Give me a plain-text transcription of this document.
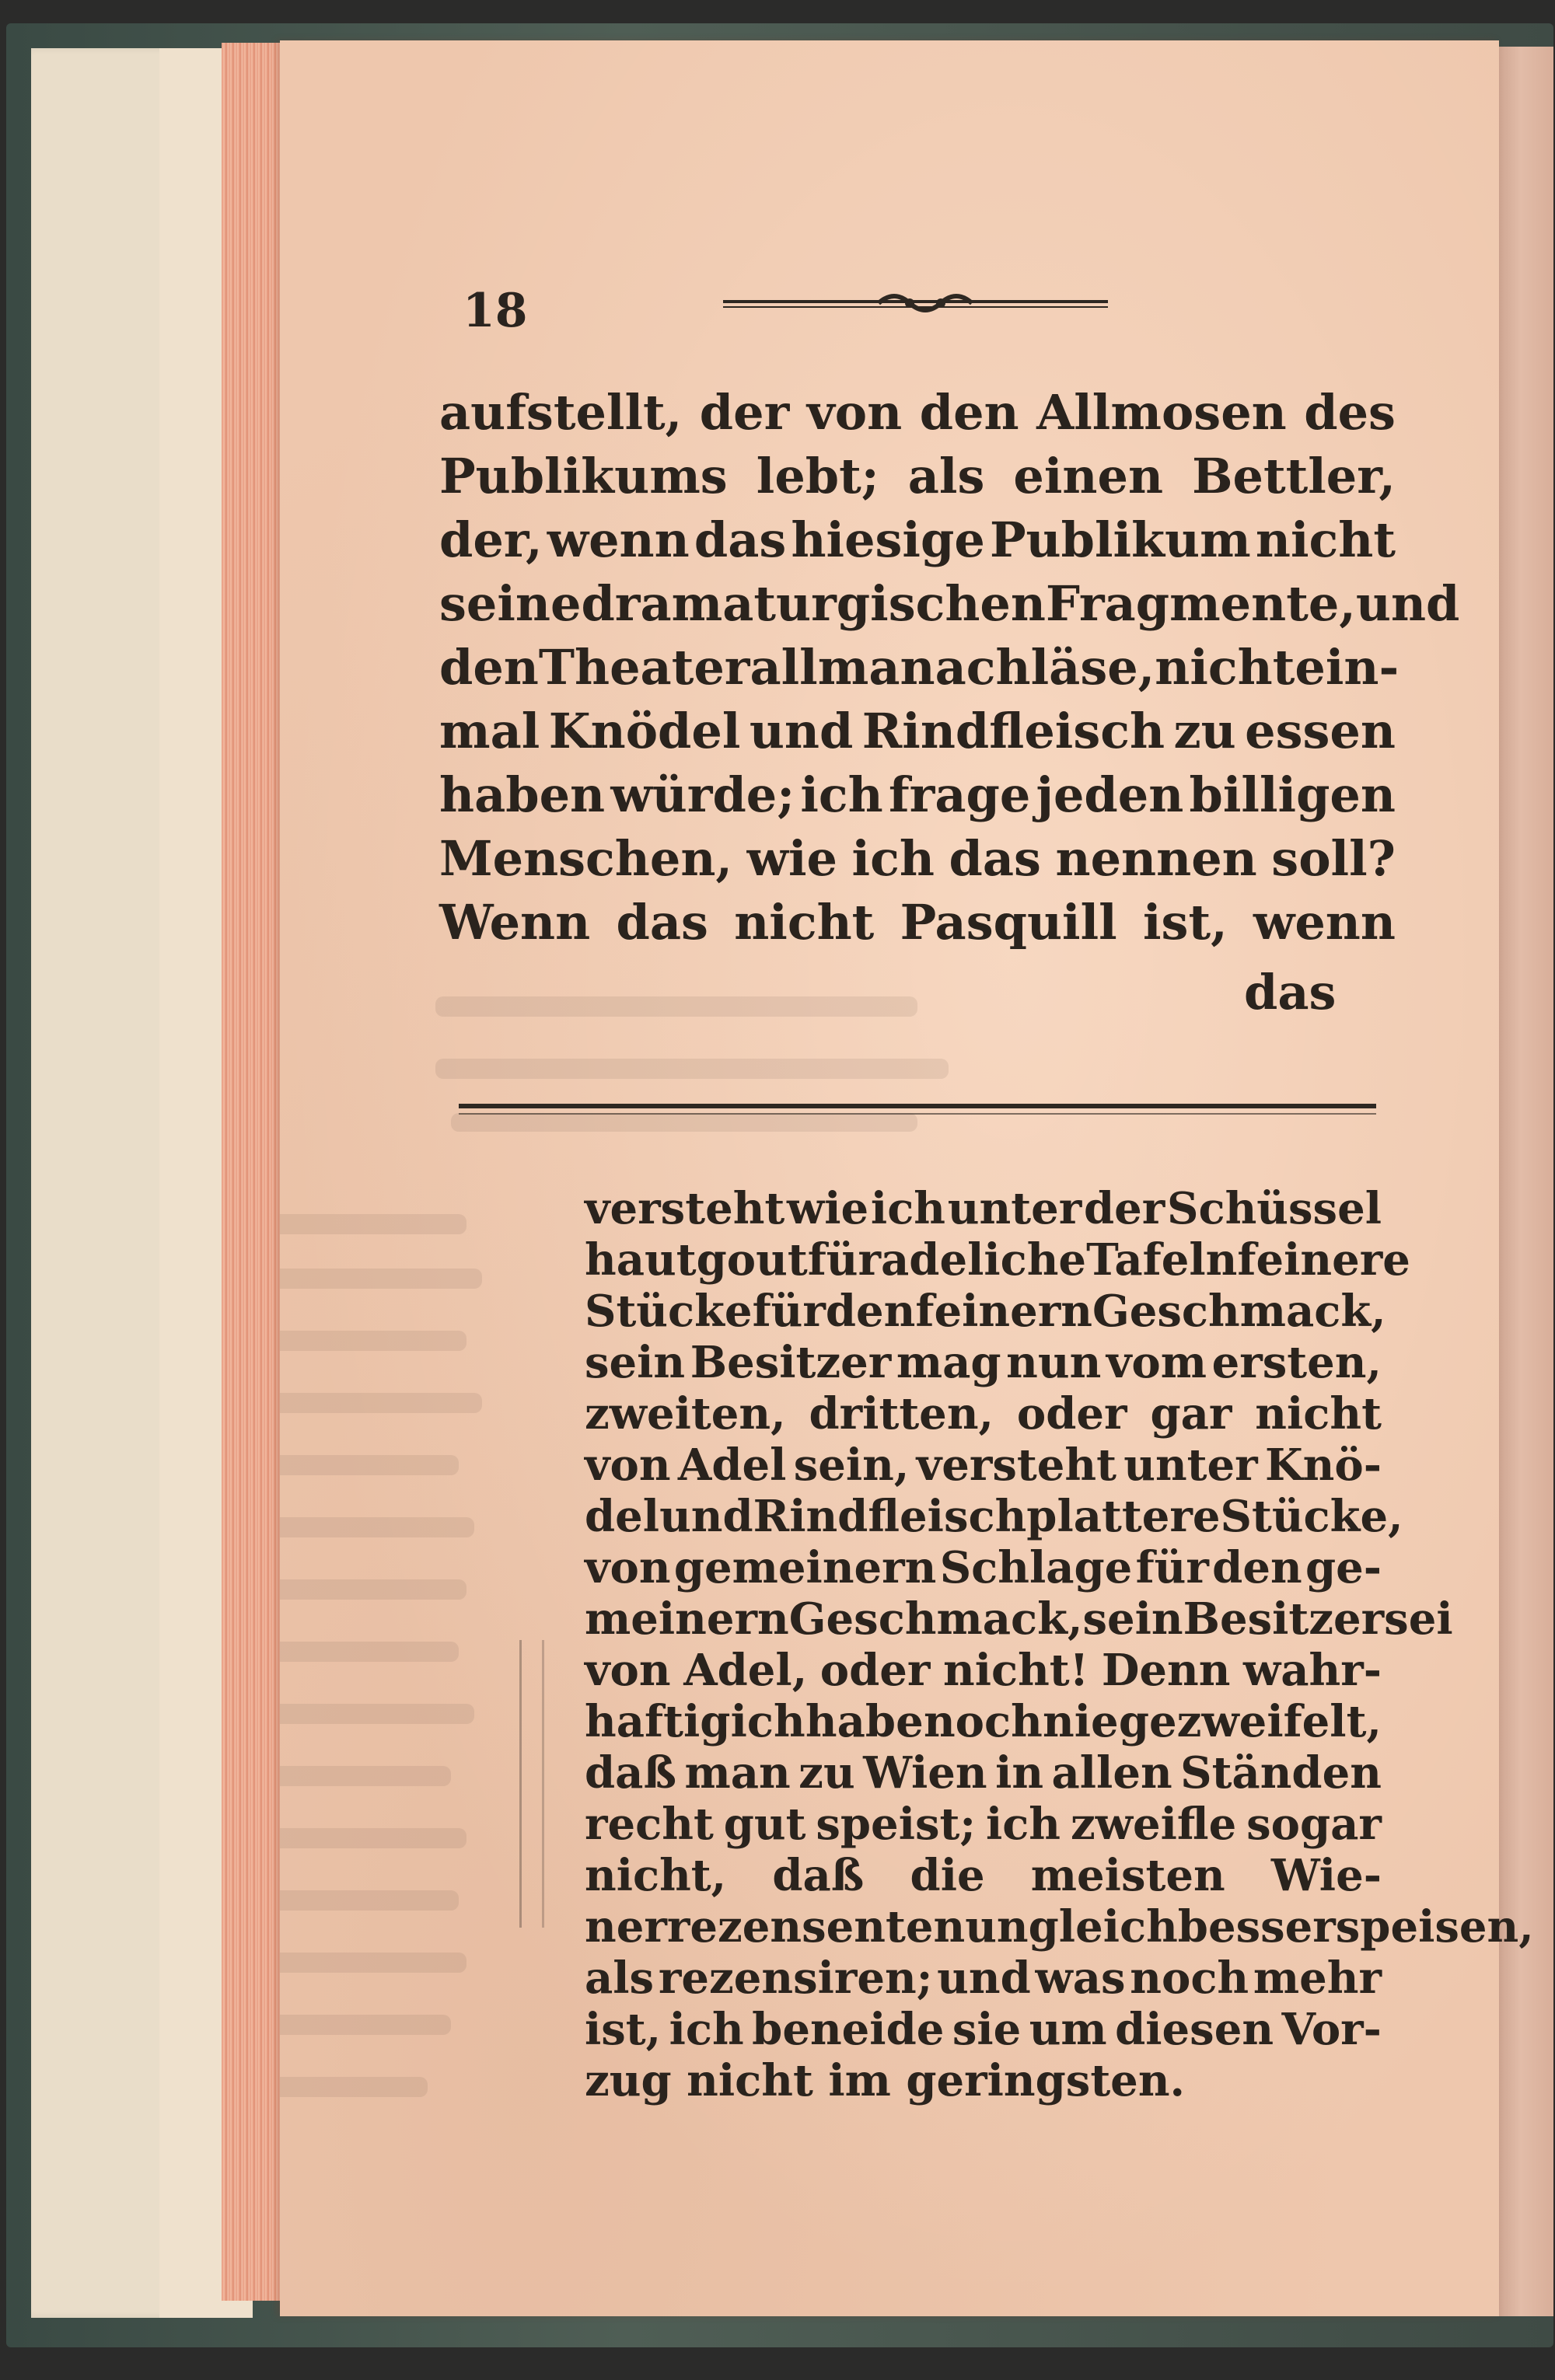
18
aufstellt, der von den Allmosen des
Publikums lebt; als einen Bettler,
der, wenn das hiesige Publikum nicht
seine dramaturgischen Fragmente, und
den Theaterallmanach läse, nicht ein-
mal Knödel und Rindfleisch zu essen
haben würde; ich frage jeden billigen
Menschen, wie ich das nennen soll?
Wenn das nicht Pasquill ist, wenn
das
versteht wie ich unter der Schüssel
haut gout für adeliche Tafeln feinere
Stücke für den feinern Geschmack,
sein Besitzer mag nun vom ersten,
zweiten, dritten, oder gar nicht
von Adel sein, versteht unter Knö-
del und Rindfleisch plattere Stücke,
von gemeinern Schlage für den ge-
meinern Geschmack, sein Besitzer sei
von Adel, oder nicht! Denn wahr-
haftig ich habe noch nie gezweifelt,
daß man zu Wien in allen Ständen
recht gut speist; ich zweifle sogar
nicht, daß die meisten Wie-
nerrezensenten ungleich besser speisen,
als rezensiren; und was noch mehr
ist, ich beneide sie um diesen Vor-
zug nicht im geringsten.
